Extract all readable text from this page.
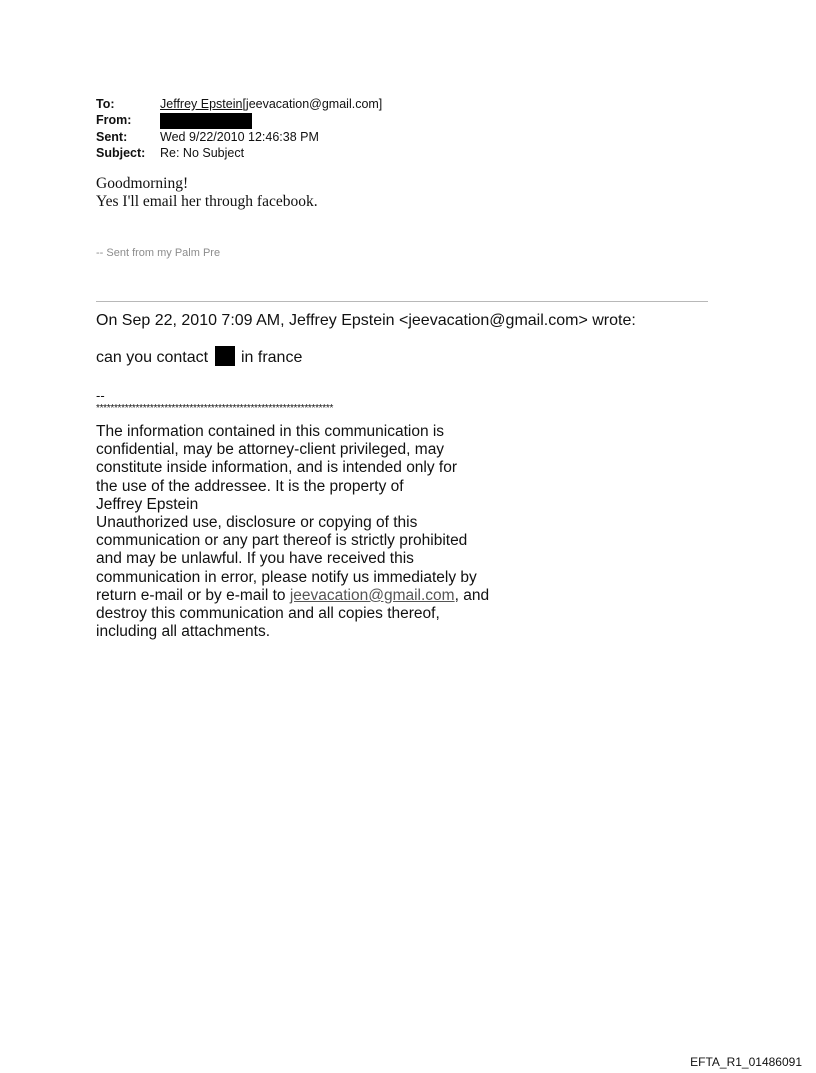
To:	Jeffrey Epstein[jeevacation@gmail.com]
From:
Sent:	Wed 9/22/2010 12:46:38 PM
Subject:	Re: No Subject
Goodmorning!
Yes I'll email her through facebook.
-- Sent from my Palm Pre
On Sep 22, 2010 7:09 AM, Jeffrey Epstein <jeevacation@gmail.com> wrote:
can you contact in france
--
******************************************************************
The information contained in this communication is
confidential, may be attorney-client privileged, may
constitute inside information, and is intended only for
the use of the addressee. It is the property of
Jeffrey Epstein
Unauthorized use, disclosure or copying of this
communication or any part thereof is strictly prohibited
and may be unlawful. If you have received this
communication in error, please notify us immediately by
return e-mail or by e-mail to jeevacation@gmail.com, and
destroy this communication and all copies thereof,
including all attachments.
EFTA_R1_01486091
